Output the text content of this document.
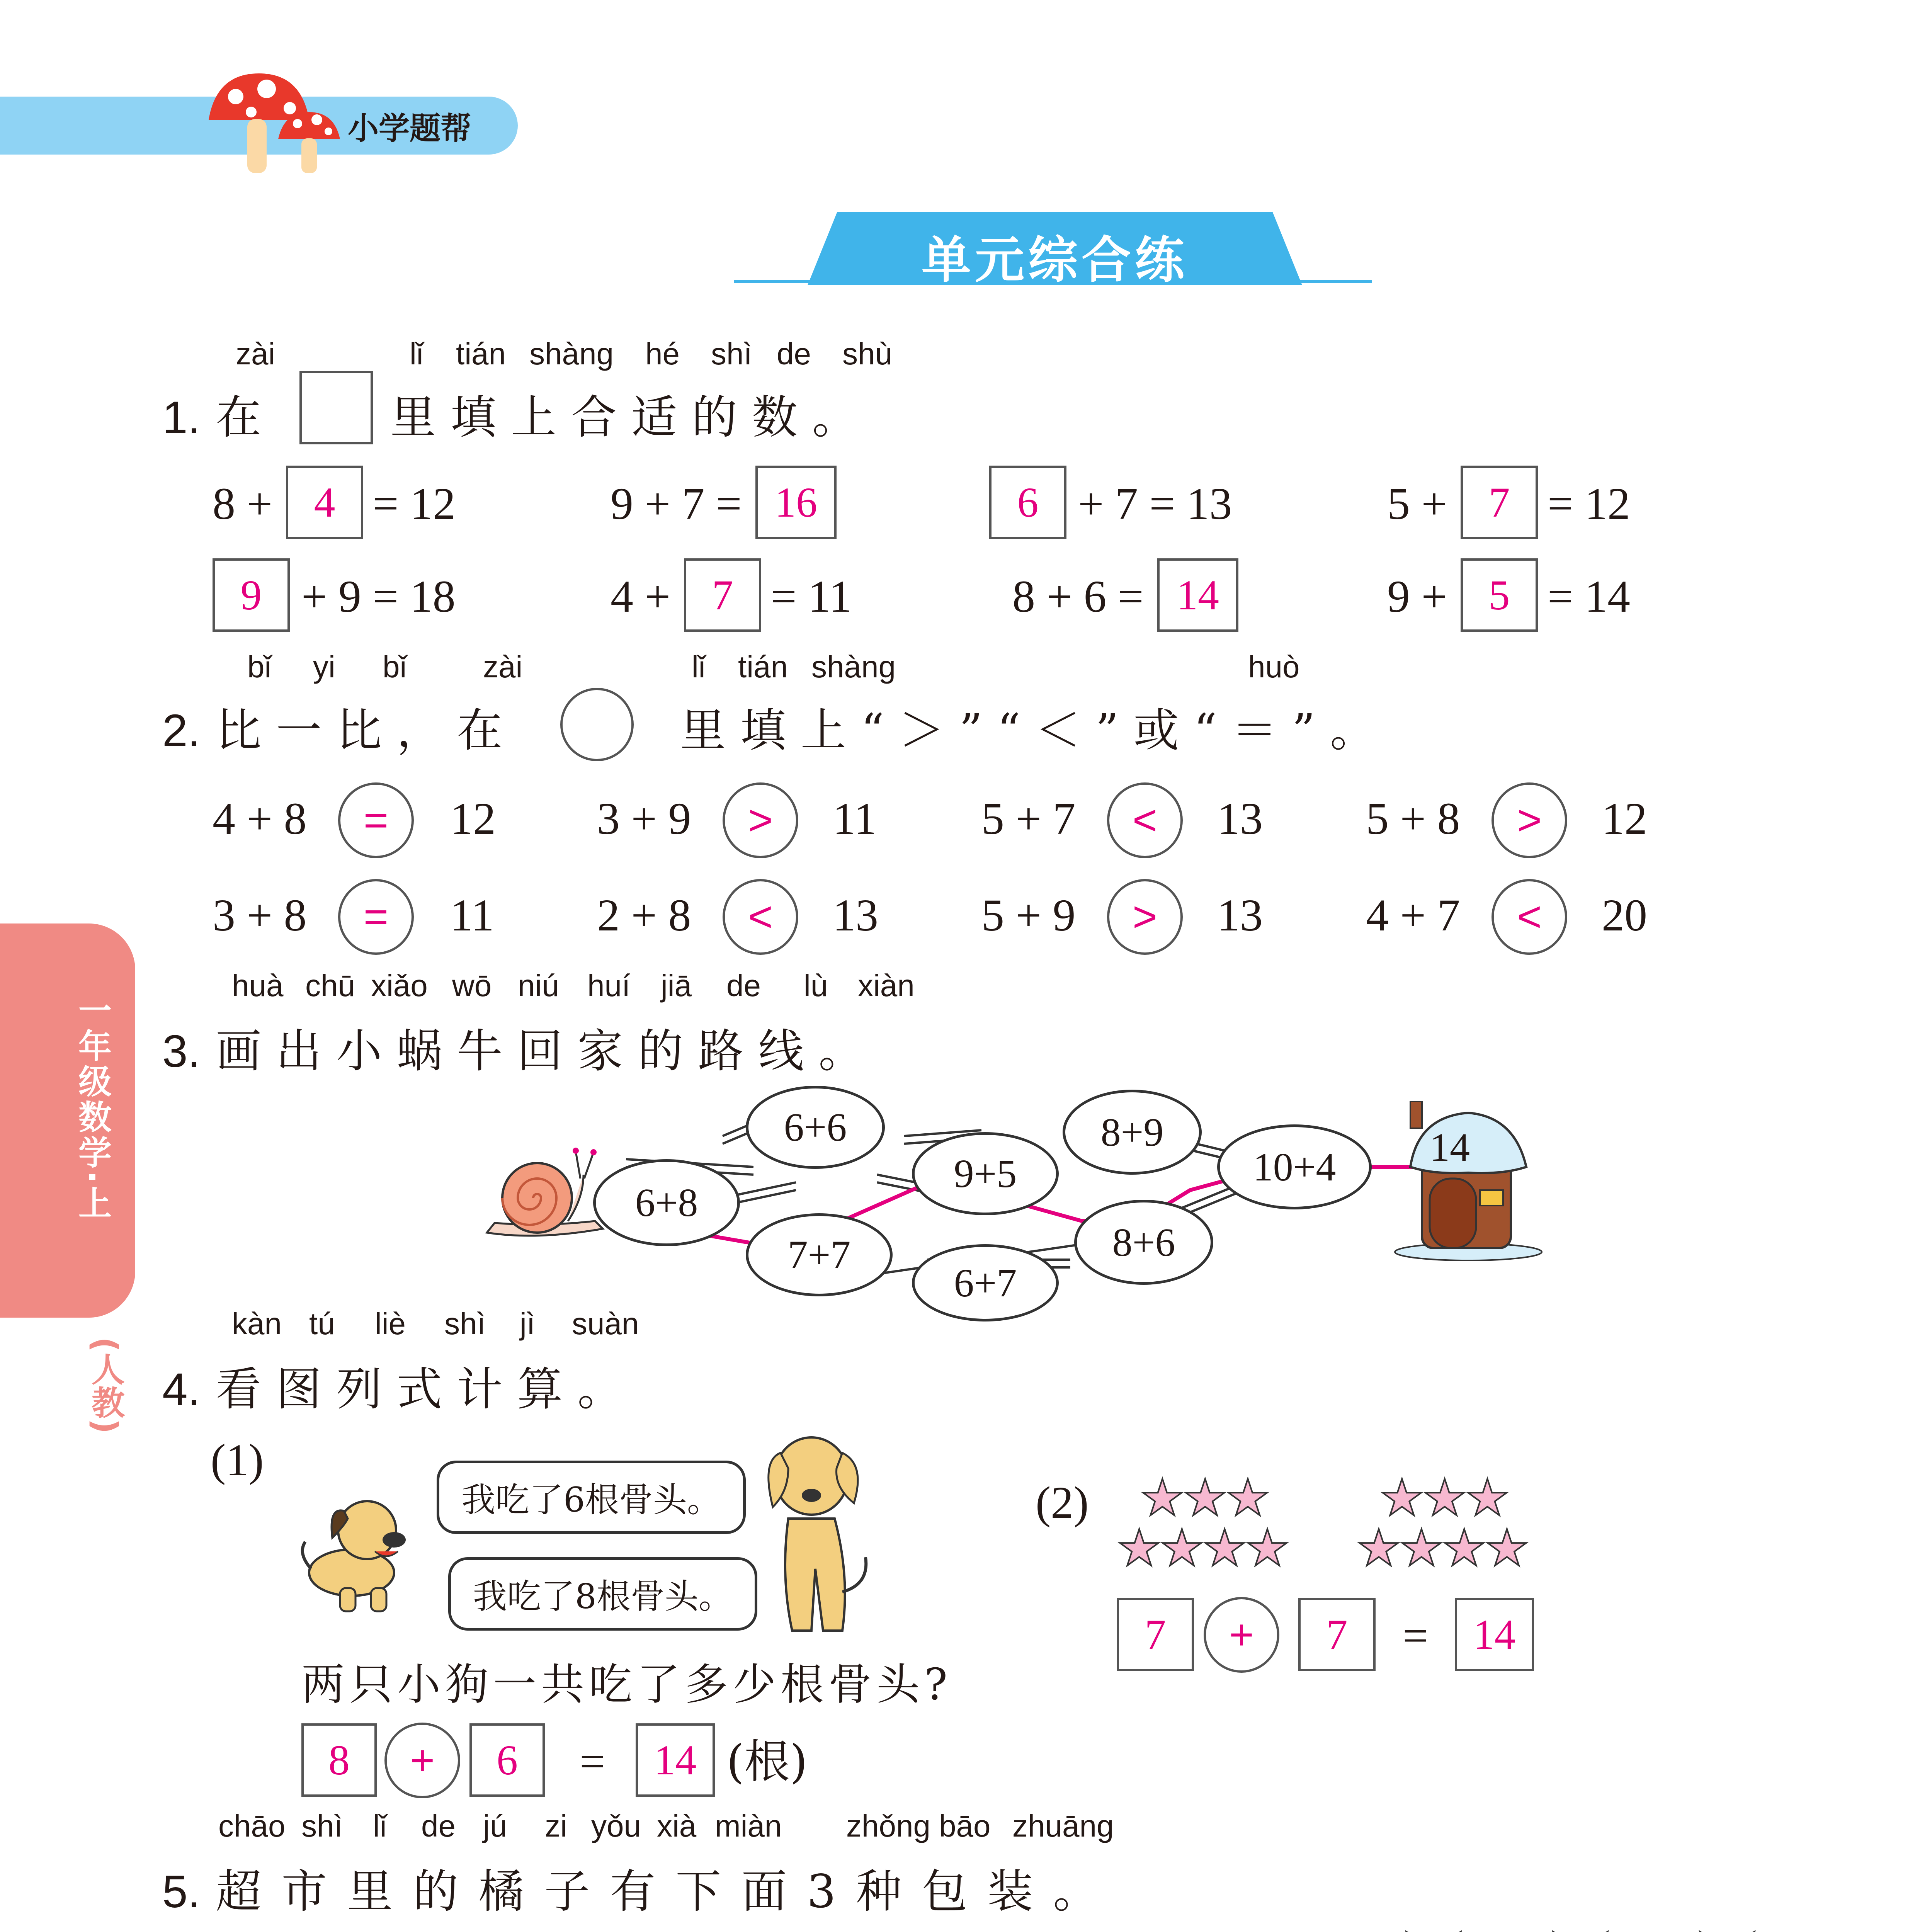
小学题帮
单元综合练
一年级数学·上
(人教)
zài	lǐ tián shàng hé shì de shù
1. 在	里填上合适的数。
8 + 4 = 12	9 + 7 = 16	6 + 7 = 13	5 + 7 = 12
9 + 9 = 18	4 + 7 = 11	8 + 6 = 14	9 + 5 = 14
bǐ yi bǐ zài	lǐ tián shàng	huò
2. 比一比，在	里填上“＞”“＜”或“＝”。
4 + 8	=	12 3 + 9	>	11 5 + 7	<	13 5 + 8	>	12
3 + 8	=	11 2 + 8	<	13 5 + 9	>	13 4 + 7	<	20
huà chū xiǎo wō niú huí jiā de lù xiàn
3. 画出小蜗牛回家的路线。
6+6
6+8
7+7
9+5
6+7
8+9
8+6
10+4	14
kàn tú liè shì jì suàn
4. 看图列式计算。
(1)
我吃了6根骨头。
我吃了8根骨头。
两只小狗一共吃了多少根骨头?
8	+	6	=	14 (根)
(2) ★★★
★★★★
★★★
★★★★
7	+	7	=	14
chāo shì lǐ de jú zi yǒu xià miàn zhǒng bāo zhuāng
5. 超市里的橘子有下面3种包装。
